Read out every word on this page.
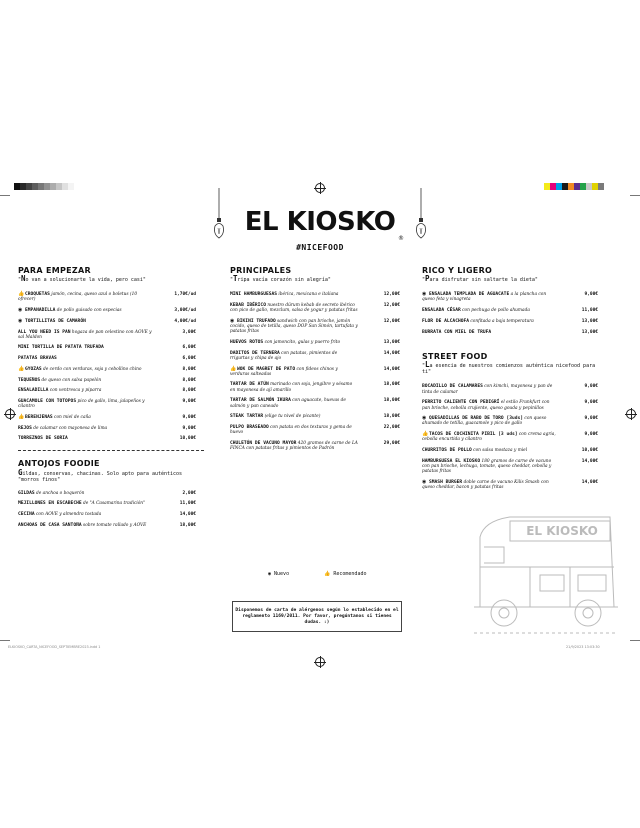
EL KIOSKO
®
#NICEFOOD
PARA EMPEZAR
"No van a solucionarte la vida, pero casi"
👍CROQUETAS jamón, cecina, queso azul o boletus (10 ofrecer)
1,70€/ud
◉ EMPANADILLA de pollo guisado con especias	3,00€/ud
◉ TORTILLITAS DE CAMARÓN	4,00€/ud
ALL YOU NEED IS PAN hogaza de pan celestino con AOVE y sal Maldon
3,00€
MINI TORTILLA DE PATATA TRUFADA	6,00€
PATATAS BRAVAS	6,00€
👍GYOZAS de cerdo con verduras, soja y cebollino chino	8,00€
TEQUEÑOS de queso con salsa papelón	8,00€
ENSALADILLA con ventresca y piparra	8,00€
GUACAMOLE CON TOTOPOS pico de gallo, lima, jalapeños y cilantro
9,00€
👍BERENJENAS con miel de caña	9,00€
REJOS de calamar con mayonesa de lima	9,00€
TORREZNOS DE SORIA	10,00€
ANTOJOS FOODIE
Gildas, conservas, chacinas. Solo apto para auténticos "morros finos"
GILDAS de anchoa o boquerón	2,00€
MEJILLONES EN ESCABECHE de "A Casamarina tradición"	11,00€
CECINA con AOVE y almendra tostada	14,00€
ANCHOAS DE CASA SANTOÑA sobre tomate rallado y AOVE	18,00€
PRINCIPALES
"Tripa vacía corazón sin alegría"
MINI HAMBURGUESAS ibérica, mexicana e italiana	12,00€
KEBAB IBÉRICO nuestro dürum kebab de secreto ibérico con pico de gallo, mezclum, salsa de yogur y patatas fritas
12,00€
◉ BIKINI TRUFADO sandwich con pan brioche, jamón cocido, queso de tetilla, queso DOP San Simón, tartufata y patatas fritas
12,00€
HUEVOS ROTOS con jamoncito, gulas y puerro frito	13,00€
DADITOS DE TERNERA con patatas, pimientos de rrigurtas y chipa de ajo
14,00€
👍WOK DE MAGRET DE PATO con fideos chinos y verduras salteadas
14,00€
TARTAR DE ATÚN marinado con soja, jengibre y sésamo en mayonesa de ají amarillo
18,00€
TARTAR DE SALMÓN IKURA con aguacate, huevas de salmón y pan caneado
18,00€
STEAK TARTAR (elige tu nivel de picante)	18,00€
PULPO BRASEADO con patata en dos texturas y gema de huevo
22,00€
CHULETÓN DE VACUNO MAYOR 420 gramos de carne de LA FINCA con patatas fritas y pimientos de Padrón
29,00€
◉ Nuevo	👍 Recomendado
Disponemos de carta de alérgenos según lo establecido en el reglamento 1169/2011. Por favor, pregúntanos si tienes dudas. :)
RICO Y LIGERO
"Para disfrutar sin saltarte la dieta"
◉ ENSALADA TEMPLADA DE AGUACATE a la plancha con queso feta y vinagreta
9,00€
ENSALADA CÉSAR con pechuga de pollo ahumada	11,00€
FLOR DE ALCACHOFA confitada a baja temperatura	13,00€
BURRATA CON MIEL DE TRUFA	13,00€
STREET FOOD
"La esencia de nuestros comienzos auténtica nicefood para ti"
BOCADILLO DE CALAMARES con kimchi, mayonesa y pan de tinta de calamar
9,00€
PERRITO CALIENTE CON PEDIGRÍ el estilo Frankfurt con pan brioche, cebolla crujiente, queso gouda y pepinillos
9,00€
◉ QUESADILLAS DE RABO DE TORO [3uds] con queso ahumado de tetilla, guacamole y pico de gallo
9,00€
👍TACOS DE COCHINITA PIBIL [3 uds] con crema agria, cebolla encurtida y cilantro
9,00€
CHURRITOS DE POLLO con salsa mostaza y miel	10,00€
HAMBURGUESA EL KIOSKO 180 gramos de carne de vacuno con pan brioche, lechuga, tomate, queso cheddar, cebolla y patatas fritas
14,00€
◉ SMASH BURGER doble carne de vacuno Kilis Smash con queso cheddar, bacon y patatas fritas
14,00€
EL KIOSKO
ELKIOSKO_CARTA_NICEFOOD_SEPTIEMBRE2023.indd 1	21/9/2023 13:03:30
